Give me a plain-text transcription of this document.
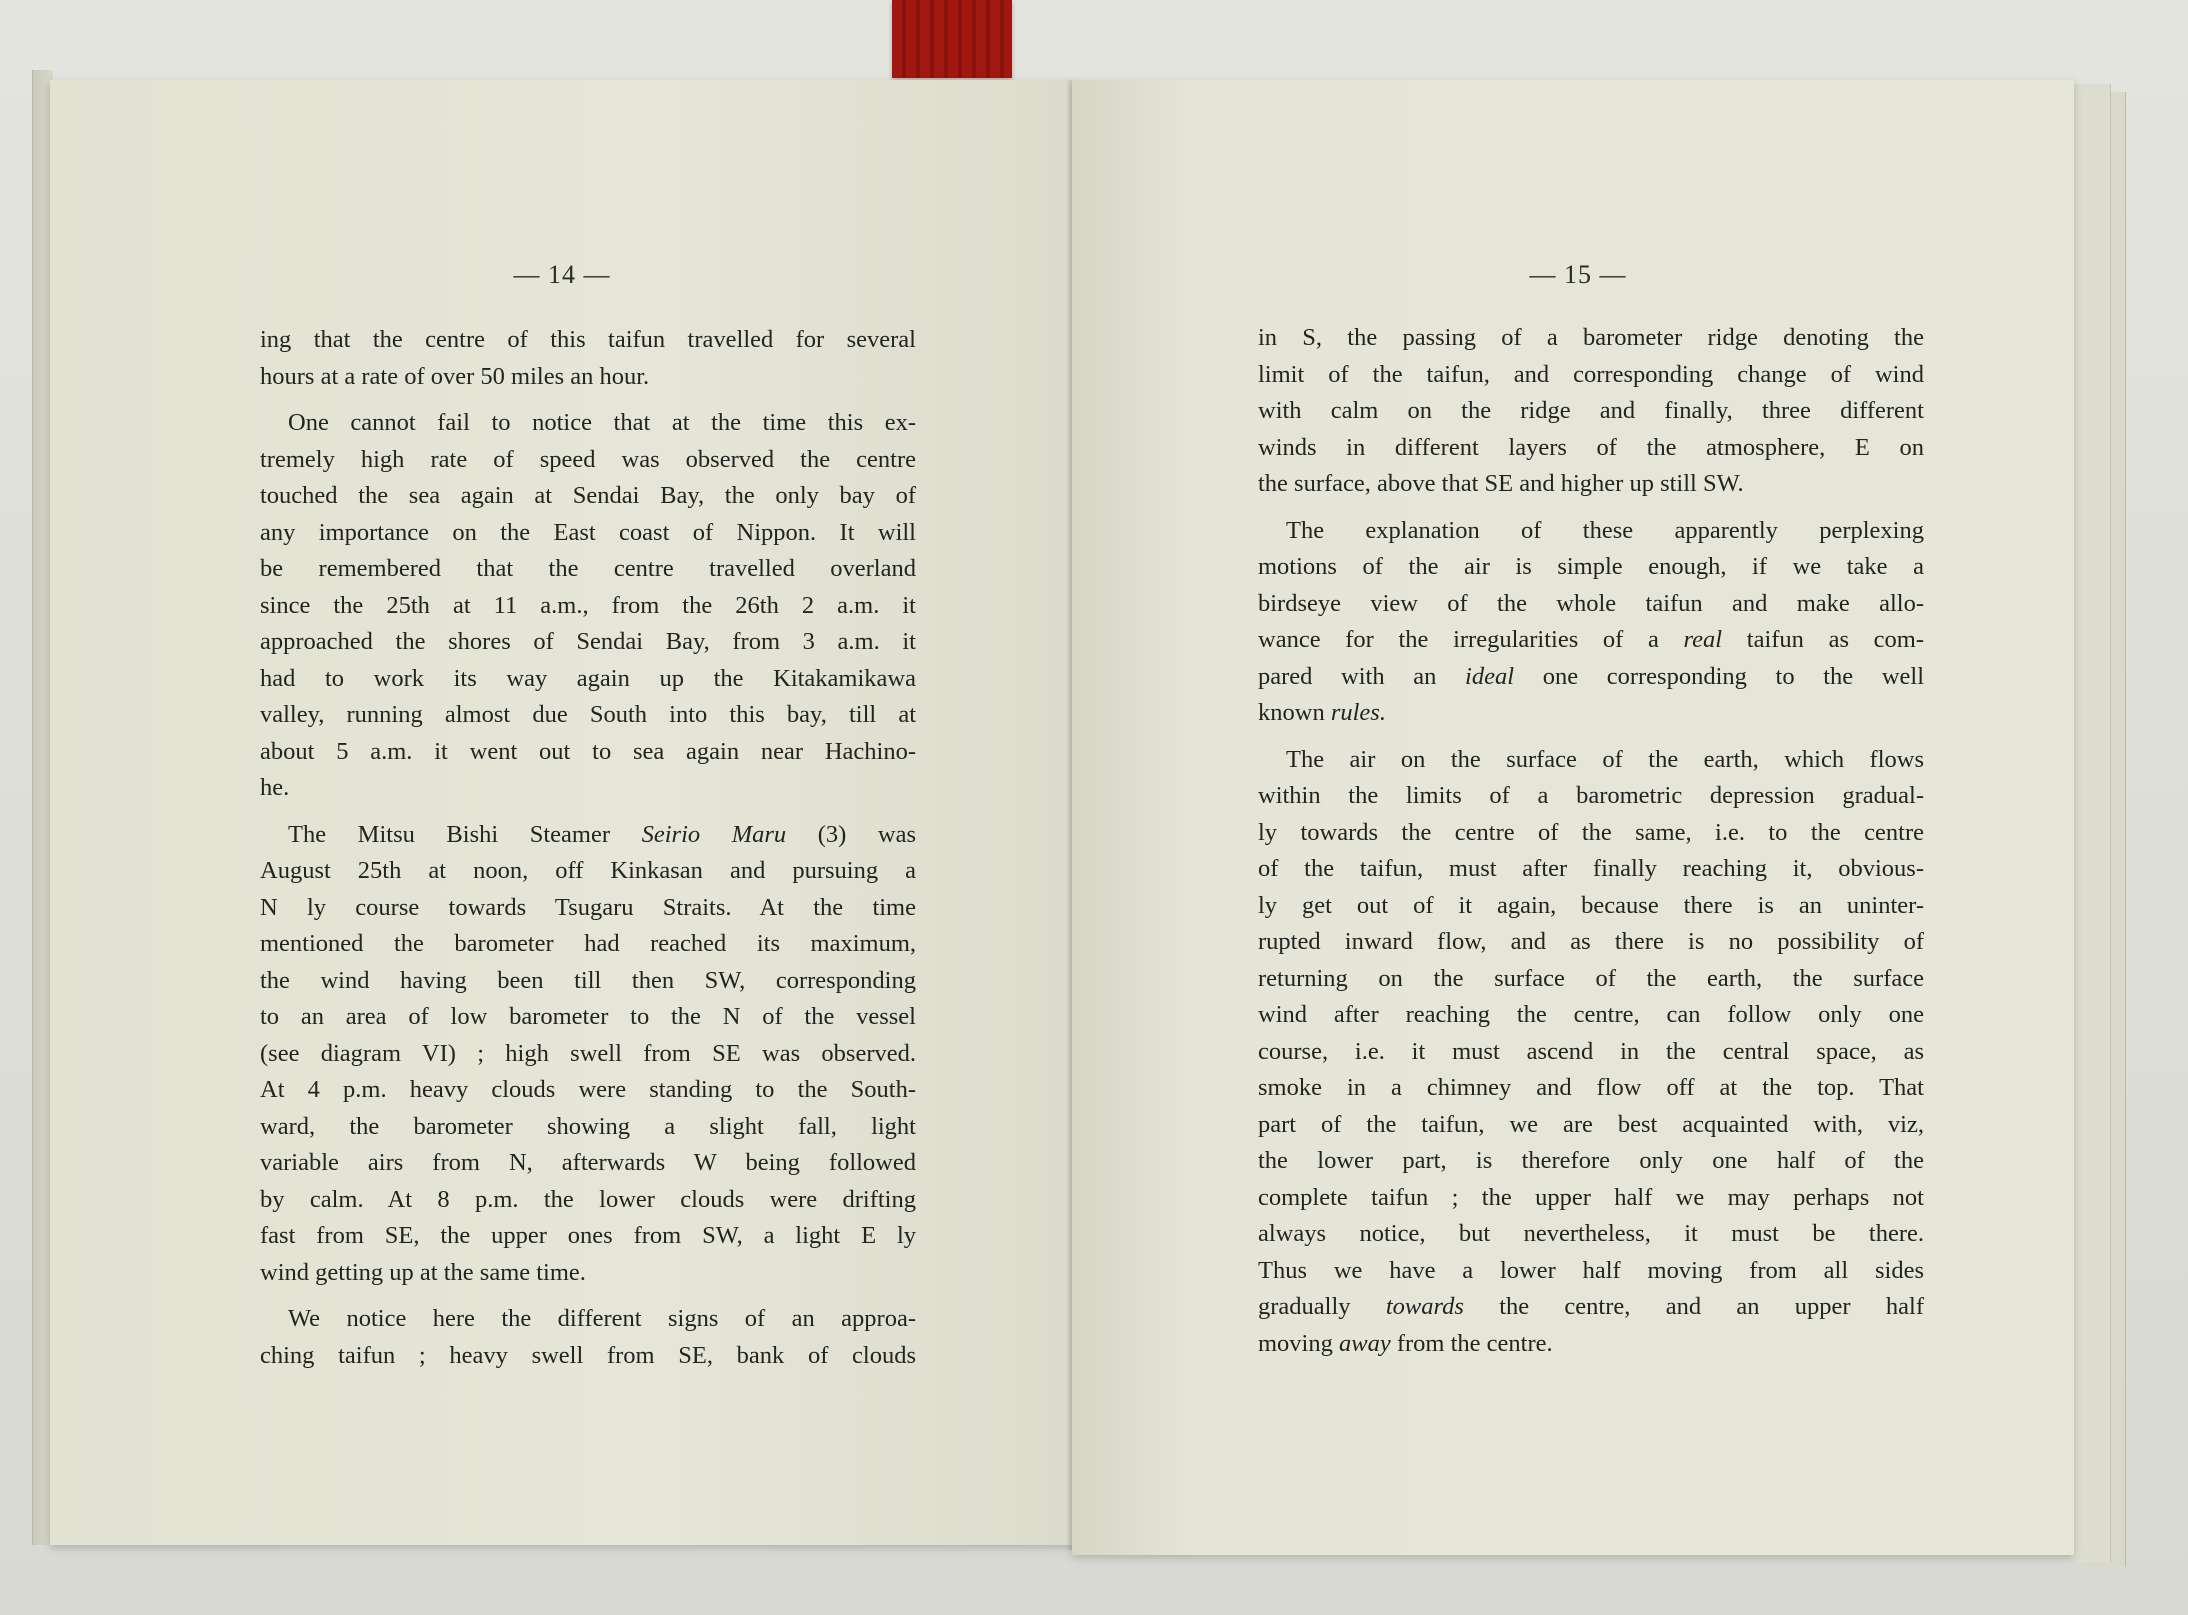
— 14 —

ing that the centre of this taifun travelled for several
hours at a rate of over 50 miles an hour.

One cannot fail to notice that at the time this ex-
tremely high rate of speed was observed the centre
touched the sea again at Sendai Bay, the only bay of
any importance on the East coast of Nippon. It will
be remembered that the centre travelled overland
since the 25th at 11 a.m., from the 26th 2 a.m. it
approached the shores of Sendai Bay, from 3 a.m. it
had to work its way again up the Kitakamikawa
valley, running almost due South into this bay, till at
about 5 a.m. it went out to sea again near Hachino-
he.

The Mitsu Bishi Steamer Seirio Maru (3) was
August 25th at noon, off Kinkasan and pursuing a
N ly course towards Tsugaru Straits. At the time
mentioned the barometer had reached its maximum,
the wind having been till then SW, corresponding
to an area of low barometer to the N of the vessel
(see diagram VI) ; high swell from SE was observed.
At 4 p.m. heavy clouds were standing to the South-
ward, the barometer showing a slight fall, light
variable airs from N, afterwards W being followed
by calm. At 8 p.m. the lower clouds were drifting
fast from SE, the upper ones from SW, a light E ly
wind getting up at the same time.

We notice here the different signs of an approa-
ching taifun ; heavy swell from SE, bank of clouds

— 15 —

in S, the passing of a barometer ridge denoting the
limit of the taifun, and corresponding change of wind
with calm on the ridge and finally, three different
winds in different layers of the atmosphere, E on
the surface, above that SE and higher up still SW.

The explanation of these apparently perplexing
motions of the air is simple enough, if we take a
birdseye view of the whole taifun and make allo-
wance for the irregularities of a real taifun as com-
pared with an ideal one corresponding to the well
known rules.

The air on the surface of the earth, which flows
within the limits of a barometric depression gradual-
ly towards the centre of the same, i.e. to the centre
of the taifun, must after finally reaching it, obvious-
ly get out of it again, because there is an uninter-
rupted inward flow, and as there is no possibility of
returning on the surface of the earth, the surface
wind after reaching the centre, can follow only one
course, i.e. it must ascend in the central space, as
smoke in a chimney and flow off at the top. That
part of the taifun, we are best acquainted with, viz,
the lower part, is therefore only one half of the
complete taifun ; the upper half we may perhaps not
always notice, but nevertheless, it must be there.
Thus we have a lower half moving from all sides
gradually towards the centre, and an upper half
moving away from the centre.
